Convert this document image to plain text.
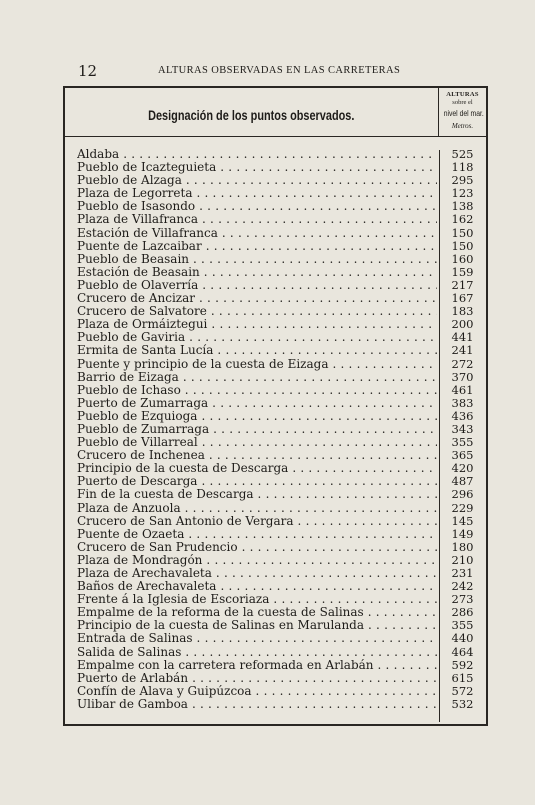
12	ALTURAS OBSERVADAS EN LAS CARRETERAS
Designación de los puntos observados.
ALTURAS
sobre el
nivel del mar.
Metros.
Aldaba . . .	525
Pueblo de Icazteguieta . . .	118
Pueblo de Alzaga . . .	295
Plaza de Legorreta . . .	123
Pueblo de Isasondo . . .	138
Plaza de Villafranca . . .	162
Estación de Villafranca . . .	150
Puente de Lazcaibar . . .	150
Pueblo de Beasain . . .	160
Estación de Beasain . . .	159
Pueblo de Olaverría . . .	217
Crucero de Ancizar . . .	167
Crucero de Salvatore . . .	183
Plaza de Ormáiztegui . . .	200
Pueblo de Gaviria . . .	441
Ermita de Santa Lucía . . .	241
Puente y principio de la cuesta de Eizaga . . .	272
Barrio de Eizaga . . .	370
Pueblo de Ichaso . . .	461
Puerto de Zumarraga . . .	383
Pueblo de Ezquioga . . .	436
Pueblo de Zumarraga . . .	343
Pueblo de Villarreal . . .	355
Crucero de Inchenea . . .	365
Principio de la cuesta de Descarga . . .	420
Puerto de Descarga . . .	487
Fin de la cuesta de Descarga . . .	296
Plaza de Anzuola . . .	229
Crucero de San Antonio de Vergara . . .	145
Puente de Ozaeta . . .	149
Crucero de San Prudencio . . .	180
Plaza de Mondragón . . .	210
Plaza de Arechavaleta . . .	231
Baños de Arechavaleta . . .	242
Frente á la Iglesia de Escoriaza . . .	273
Empalme de la reforma de la cuesta de Salinas . . .	286
Principio de la cuesta de Salinas en Marulanda . . .	355
Entrada de Salinas . . .	440
Salida de Salinas . . .	464
Empalme con la carretera reformada en Arlabán . . .	592
Puerto de Arlabán . . .	615
Confín de Alava y Guipúzcoa . . .	572
Ulibar de Gamboa . . .	532
